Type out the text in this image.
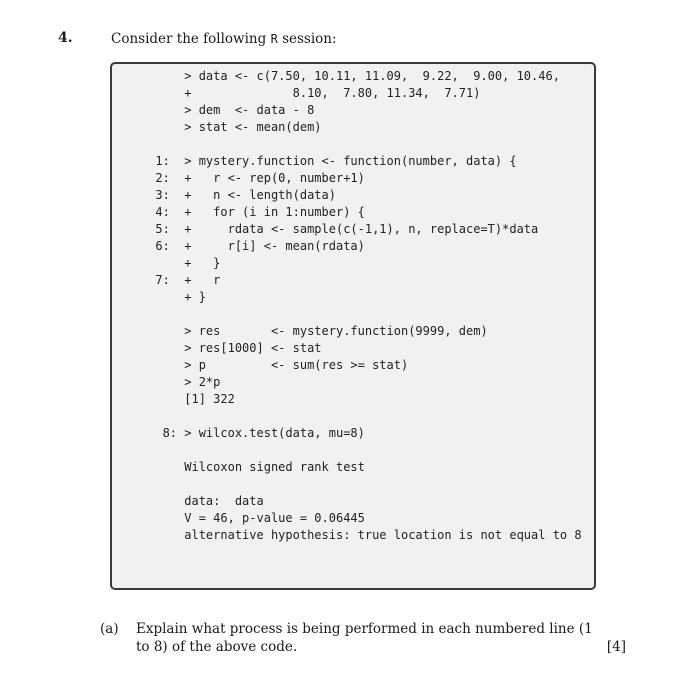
4.	Consider the following R session:
> data <- c(7.50, 10.11, 11.09,  9.22,  9.00, 10.46,
+              8.10,  7.80, 11.34,  7.71)
> dem  <- data - 8
> stat <- mean(dem)
1:  > mystery.function <- function(number, data) {
2:  +   r <- rep(0, number+1)
3:  +   n <- length(data)
4:  +   for (i in 1:number) {
5:  +     rdata <- sample(c(-1,1), n, replace=T)*data
6:  +     r[i] <- mean(rdata)
+   }
7:  +   r
+ }
> res       <- mystery.function(9999, dem)
> res[1000] <- stat
> p         <- sum(res >= stat)
> 2*p
[1] 322
8: > wilcox.test(data, mu=8)
Wilcoxon signed rank test
data:  data
V = 46, p-value = 0.06445
alternative hypothesis: true location is not equal to 8
(a) Explain what process is being performed in each numbered line (1 to 8) of the above code.	[4]
